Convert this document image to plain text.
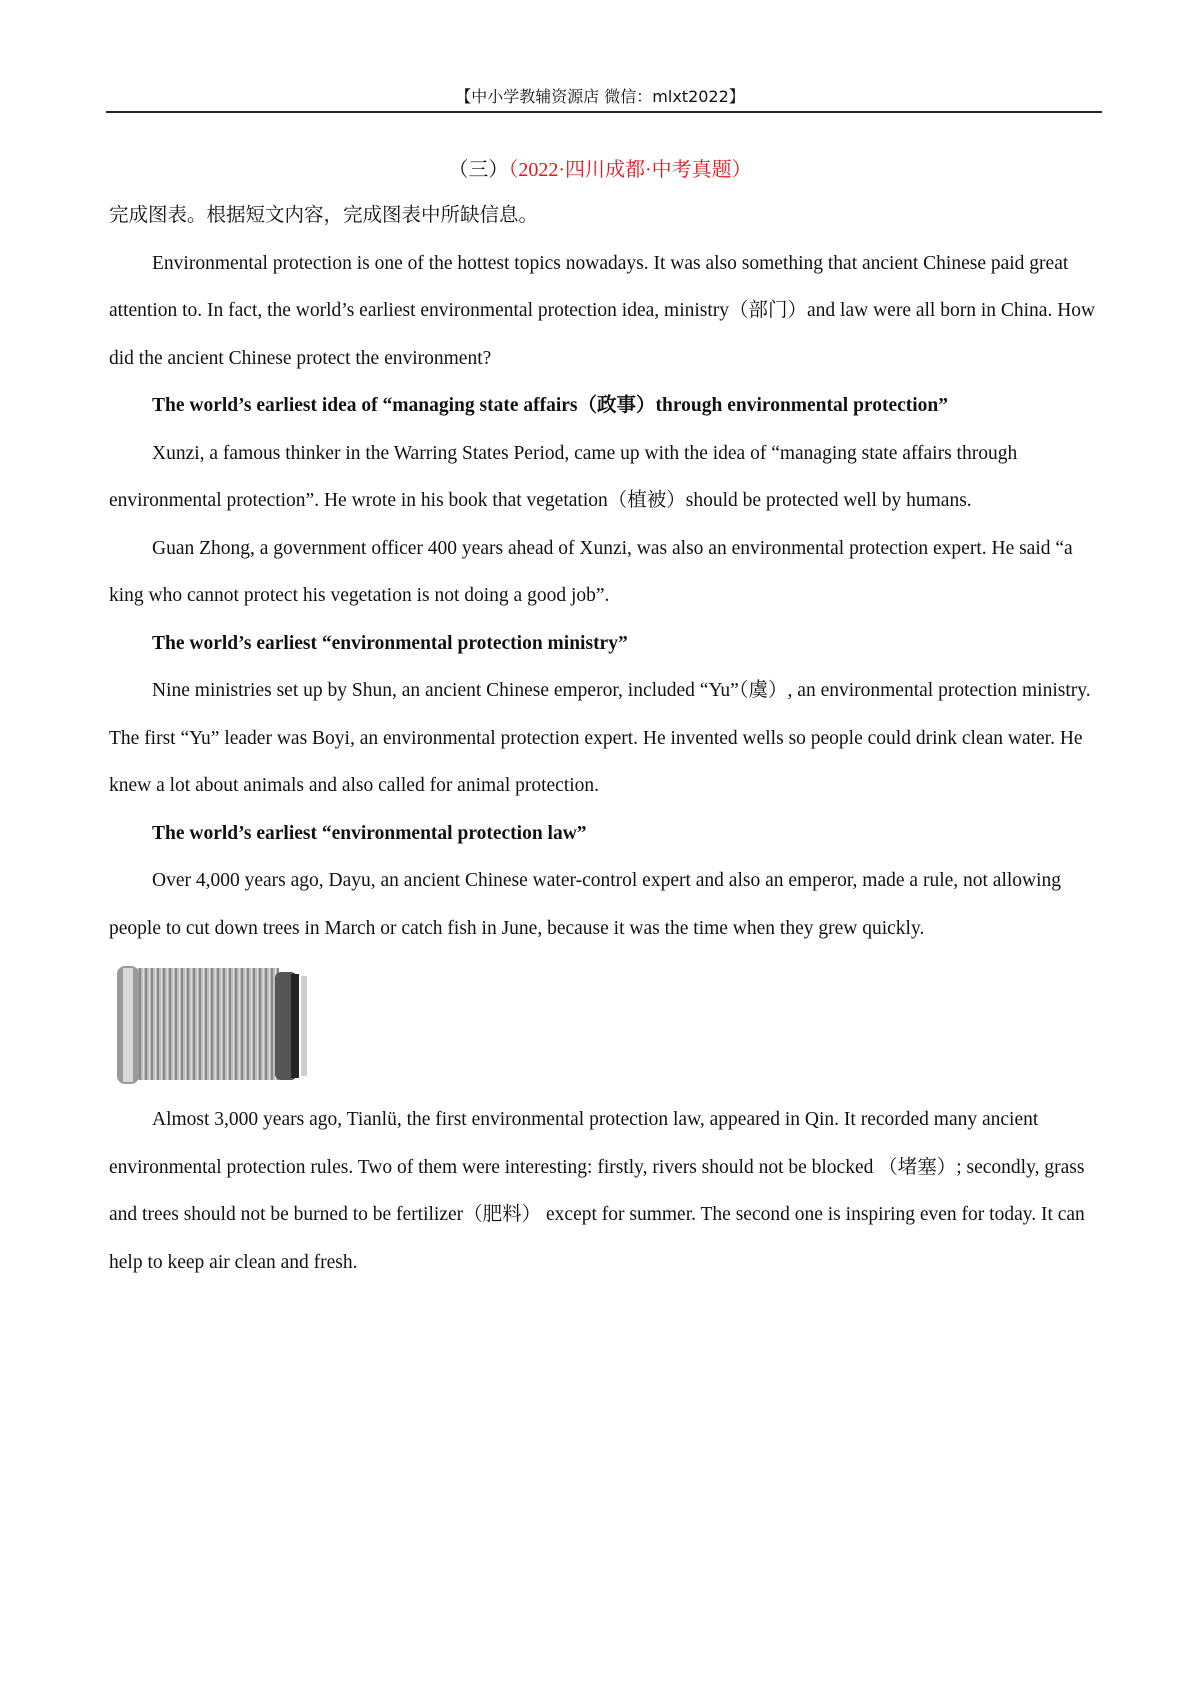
【中小学教辅资源店 微信：mlxt2022】
（三）（2022·四川成都·中考真题）

完成图表。根据短文内容，完成图表中所缺信息。

Environmental protection is one of the hottest topics nowadays. It was also something that ancient Chinese paid great attention to. In fact, the world’s earliest environmental protection idea, ministry（部门）and law were all born in China. How did the ancient Chinese protect the environment?

The world’s earliest idea of “managing state affairs（政事）through environmental protection”

Xunzi, a famous thinker in the Warring States Period, came up with the idea of “managing state affairs through environmental protection”. He wrote in his book that vegetation（植被）should be protected well by humans.

Guan Zhong, a government officer 400 years ahead of Xunzi, was also an environmental protection expert. He said “a king who cannot protect his vegetation is not doing a good job”.

The world’s earliest “environmental protection ministry”

Nine ministries set up by Shun, an ancient Chinese emperor, included “Yu”（虞）, an environmental protection ministry. The first “Yu” leader was Boyi, an environmental protection expert. He invented wells so people could drink clean water. He knew a lot about animals and also called for animal protection.

The world’s earliest “environmental protection law”

Over 4,000 years ago, Dayu, an ancient Chinese water-control expert and also an emperor, made a rule, not allowing people to cut down trees in March or catch fish in June, because it was the time when they grew quickly.

Almost 3,000 years ago, Tianlü, the first environmental protection law, appeared in Qin. It recorded many ancient environmental protection rules. Two of them were interesting: firstly, rivers should not be blocked （堵塞）; secondly, grass and trees should not be burned to be fertilizer（肥料） except for summer. The second one is inspiring even for today. It can help to keep air clean and fresh.
